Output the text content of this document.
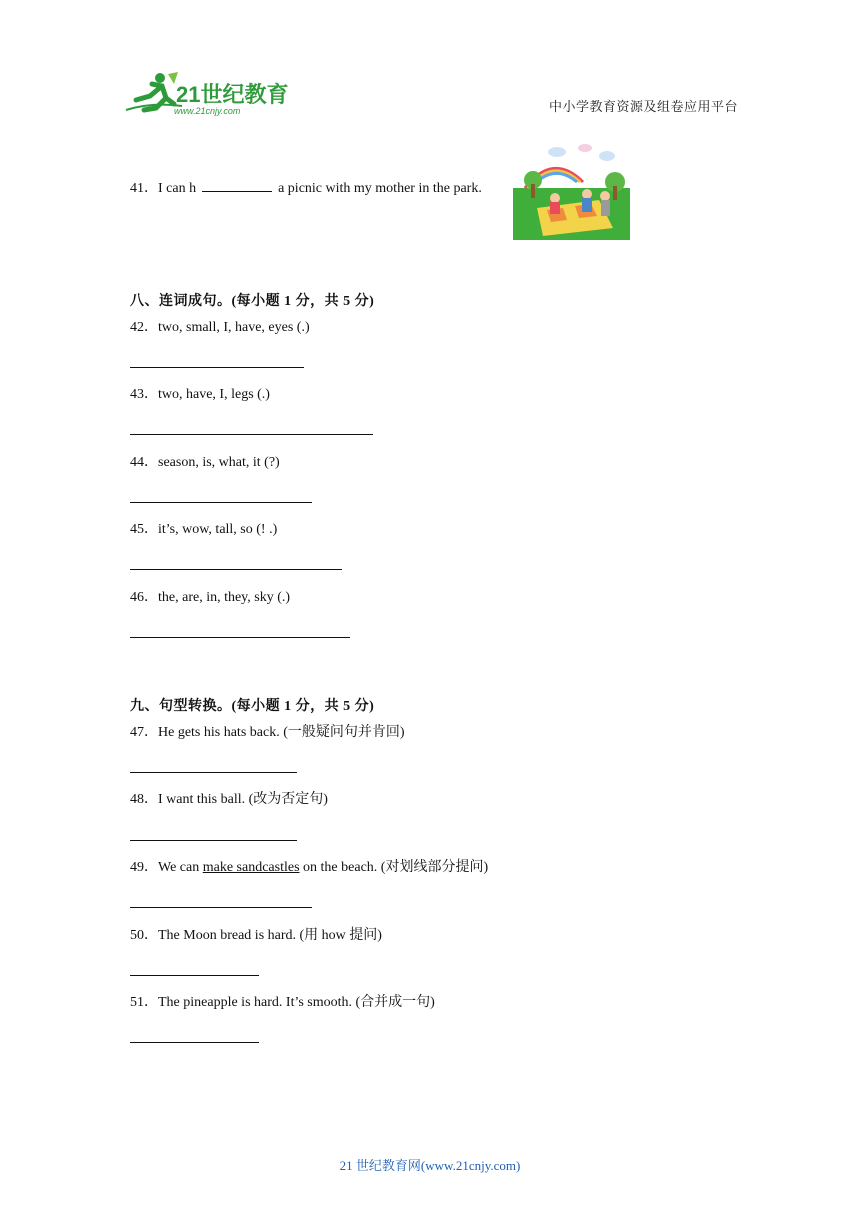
21世纪教育
www.21cnjy.com	中小学教育资源及组卷应用平台
41．I can h	a picnic with my mother in the park.
八、连词成句。(每小题 1 分，共 5 分)
42．two, small, I, have, eyes (.)
43．two, have, I, legs (.)
44．season, is, what, it (?)
45．it’s, wow, tall, so (! .)
46．the, are, in, they, sky (.)
九、句型转换。(每小题 1 分，共 5 分)
47．He gets his hats back. (一般疑问句并肯回)
48．I want this ball. (改为否定句)
49．We can make sandcastles on the beach. (对划线部分提问)
50．The Moon bread is hard. (用 how 提问)
51．The pineapple is hard. It’s smooth. (合并成一句)
21 世纪教育网(www.21cnjy.com)
